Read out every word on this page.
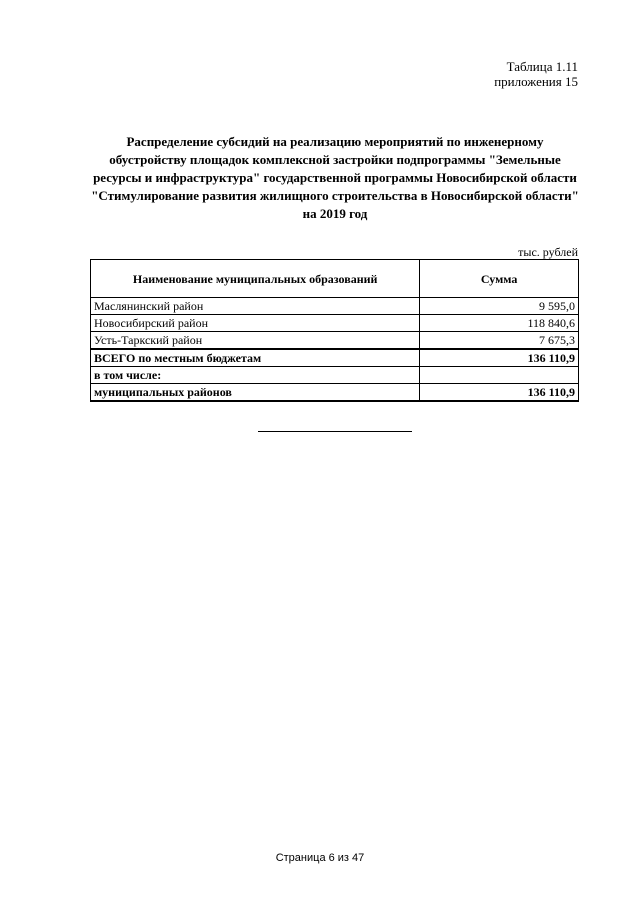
Таблица 1.11
приложения 15
Распределение субсидий на реализацию мероприятий по инженерному обустройству площадок комплексной застройки подпрограммы "Земельные ресурсы и инфраструктура" государственной программы Новосибирской области "Стимулирование развития жилищного строительства в Новосибирской области" на 2019 год
тыс. рублей
Наименование муниципальных образований	Сумма
Маслянинский район	9 595,0
Новосибирский район	118 840,6
Усть-Таркский район	7 675,3
ВСЕГО по местным бюджетам	136 110,9
в том числе:	
муниципальных районов	136 110,9
Страница 6 из 47
